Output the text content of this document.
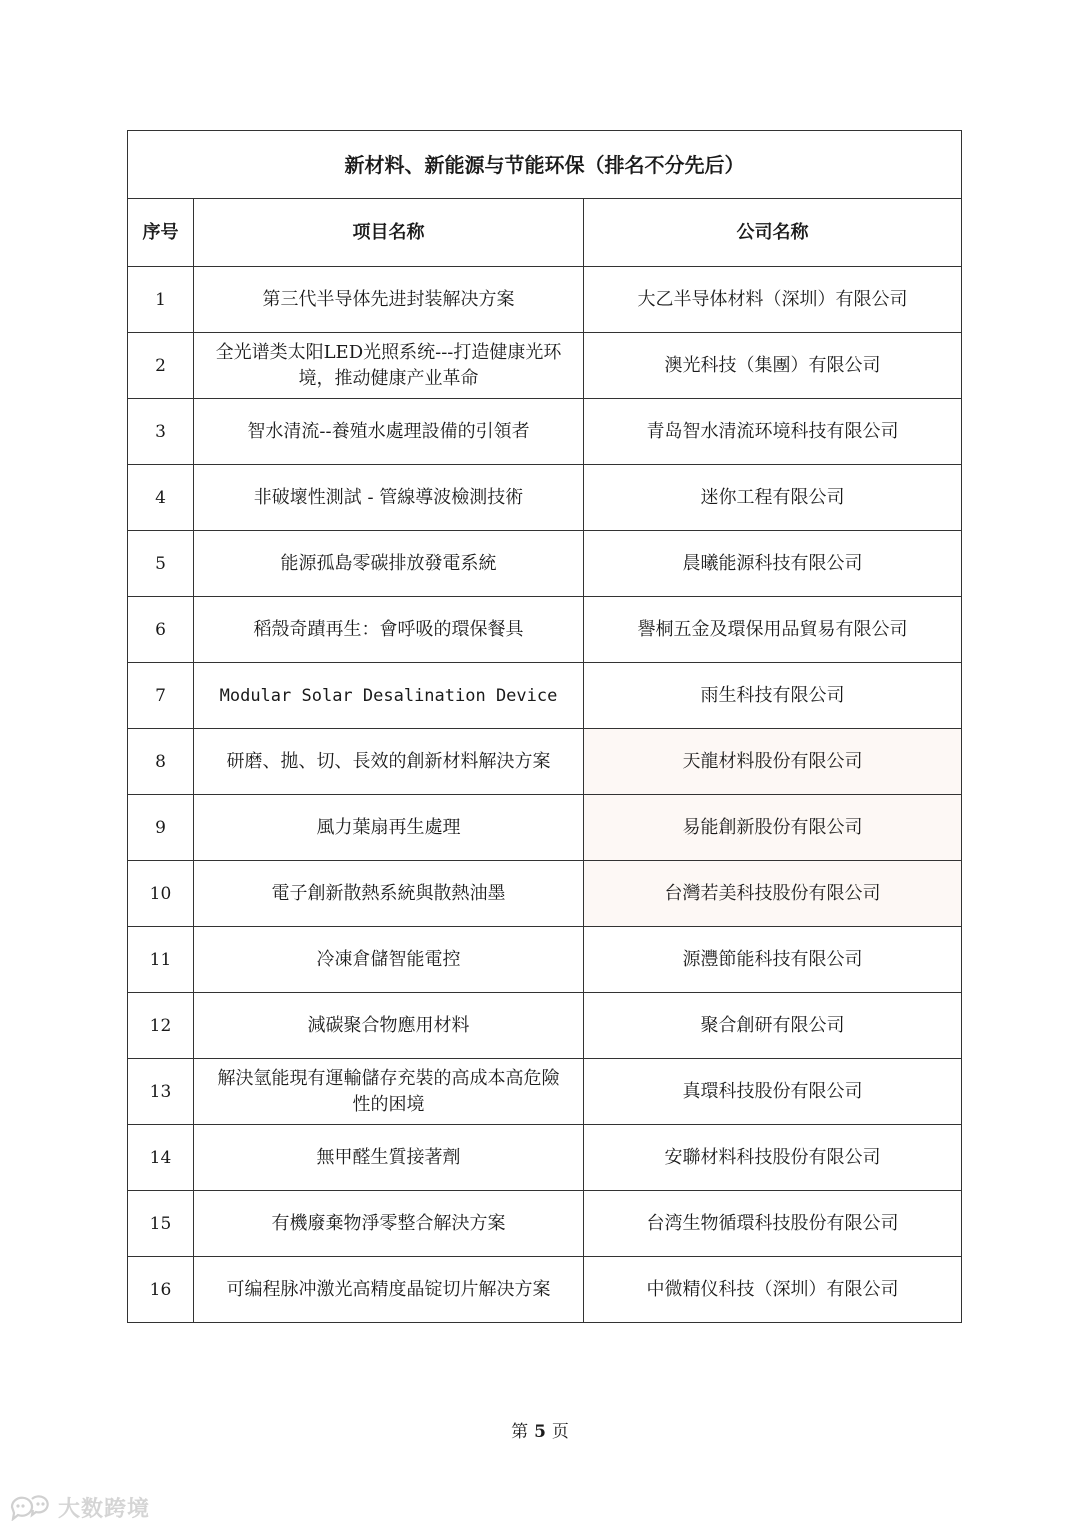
新材料、新能源与节能环保（排名不分先后）		
序号	项目名称	公司名称
1	第三代半导体先进封装解决方案	大乙半导体材料（深圳）有限公司
2	全光谱类太阳LED光照系统---打造健康光环境，推动健康产业革命	澳光科技（集團）有限公司
3	智水清流--養殖水處理設備的引領者	青岛智水清流环境科技有限公司
4	非破壞性測試 - 管線導波檢測技術	迷你工程有限公司
5	能源孤島零碳排放發電系統	晨曦能源科技有限公司
6	稻殼奇蹟再生：會呼吸的環保餐具	譽桐五金及環保用品貿易有限公司
7	Modular Solar Desalination Device	雨生科技有限公司
8	研磨、拋、切、長效的創新材料解決方案	天龍材料股份有限公司
9	風力葉扇再生處理	易能創新股份有限公司
10	電子創新散熱系統與散熱油墨	台灣若美科技股份有限公司
11	冷凍倉儲智能電控	源灃節能科技有限公司
12	減碳聚合物應用材料	聚合創研有限公司
13	解決氫能現有運輸儲存充裝的高成本高危險性的困境	真環科技股份有限公司
14	無甲醛生質接著劑	安聯材料科技股份有限公司
15	有機廢棄物淨零整合解決方案	台湾生物循環科技股份有限公司
16	可编程脉冲激光高精度晶锭切片解决方案	中微精仪科技（深圳）有限公司
第 5 页
大数跨境
